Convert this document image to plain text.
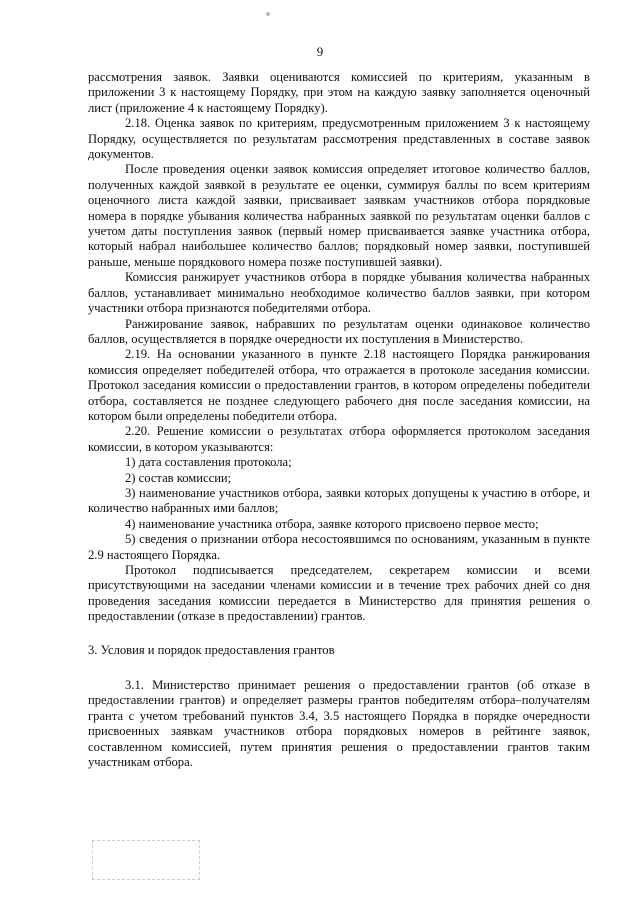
9

рассмотрения заявок. Заявки оцениваются комиссией по критериям, указанным в приложении 3 к настоящему Порядку, при этом на каждую заявку заполняется оценочный лист (приложение 4 к настоящему Порядку).

2.18. Оценка заявок по критериям, предусмотренным приложением 3 к настоящему Порядку, осуществляется по результатам рассмотрения представленных в составе заявок документов.

После проведения оценки заявок комиссия определяет итоговое количество баллов, полученных каждой заявкой в результате ее оценки, суммируя баллы по всем критериям оценочного листа каждой заявки, присваивает заявкам участников отбора порядковые номера в порядке убывания количества набранных заявкой по результатам оценки баллов с учетом даты поступления заявок (первый номер присваивается заявке участника отбора, который набрал наибольшее количество баллов; порядковый номер заявки, поступившей раньше, меньше порядкового номера позже поступившей заявки).

Комиссия ранжирует участников отбора в порядке убывания количества набранных баллов, устанавливает минимально необходимое количество баллов заявки, при котором участники отбора признаются победителями отбора.

Ранжирование заявок, набравших по результатам оценки одинаковое количество баллов, осуществляется в порядке очередности их поступления в Министерство.

2.19. На основании указанного в пункте 2.18 настоящего Порядка ранжирования комиссия определяет победителей отбора, что отражается в протоколе заседания комиссии. Протокол заседания комиссии о предоставлении грантов, в котором определены победители отбора, составляется не позднее следующего рабочего дня после заседания комиссии, на котором были определены победители отбора.

2.20. Решение комиссии о результатах отбора оформляется протоколом заседания комиссии, в котором указываются:

1) дата составления протокола;

2) состав комиссии;

3) наименование участников отбора, заявки которых допущены к участию в отборе, и количество набранных ими баллов;

4) наименование участника отбора, заявке которого присвоено первое место;

5) сведения о признании отбора несостоявшимся по основаниям, указанным в пункте 2.9 настоящего Порядка.

Протокол подписывается председателем, секретарем комиссии и всеми присутствующими на заседании членами комиссии и в течение трех рабочих дней со дня проведения заседания комиссии передается в Министерство для принятия решения о предоставлении (отказе в предоставлении) грантов.

3. Условия и порядок предоставления грантов

3.1. Министерство принимает решения о предоставлении грантов (об отказе в предоставлении грантов) и определяет размеры грантов победителям отбора–получателям гранта с учетом требований пунктов 3.4, 3.5 настоящего Порядка в порядке очередности присвоенных заявкам участников отбора порядковых номеров в рейтинге заявок, составленном комиссией, путем принятия решения о предоставлении грантов таким участникам отбора.
